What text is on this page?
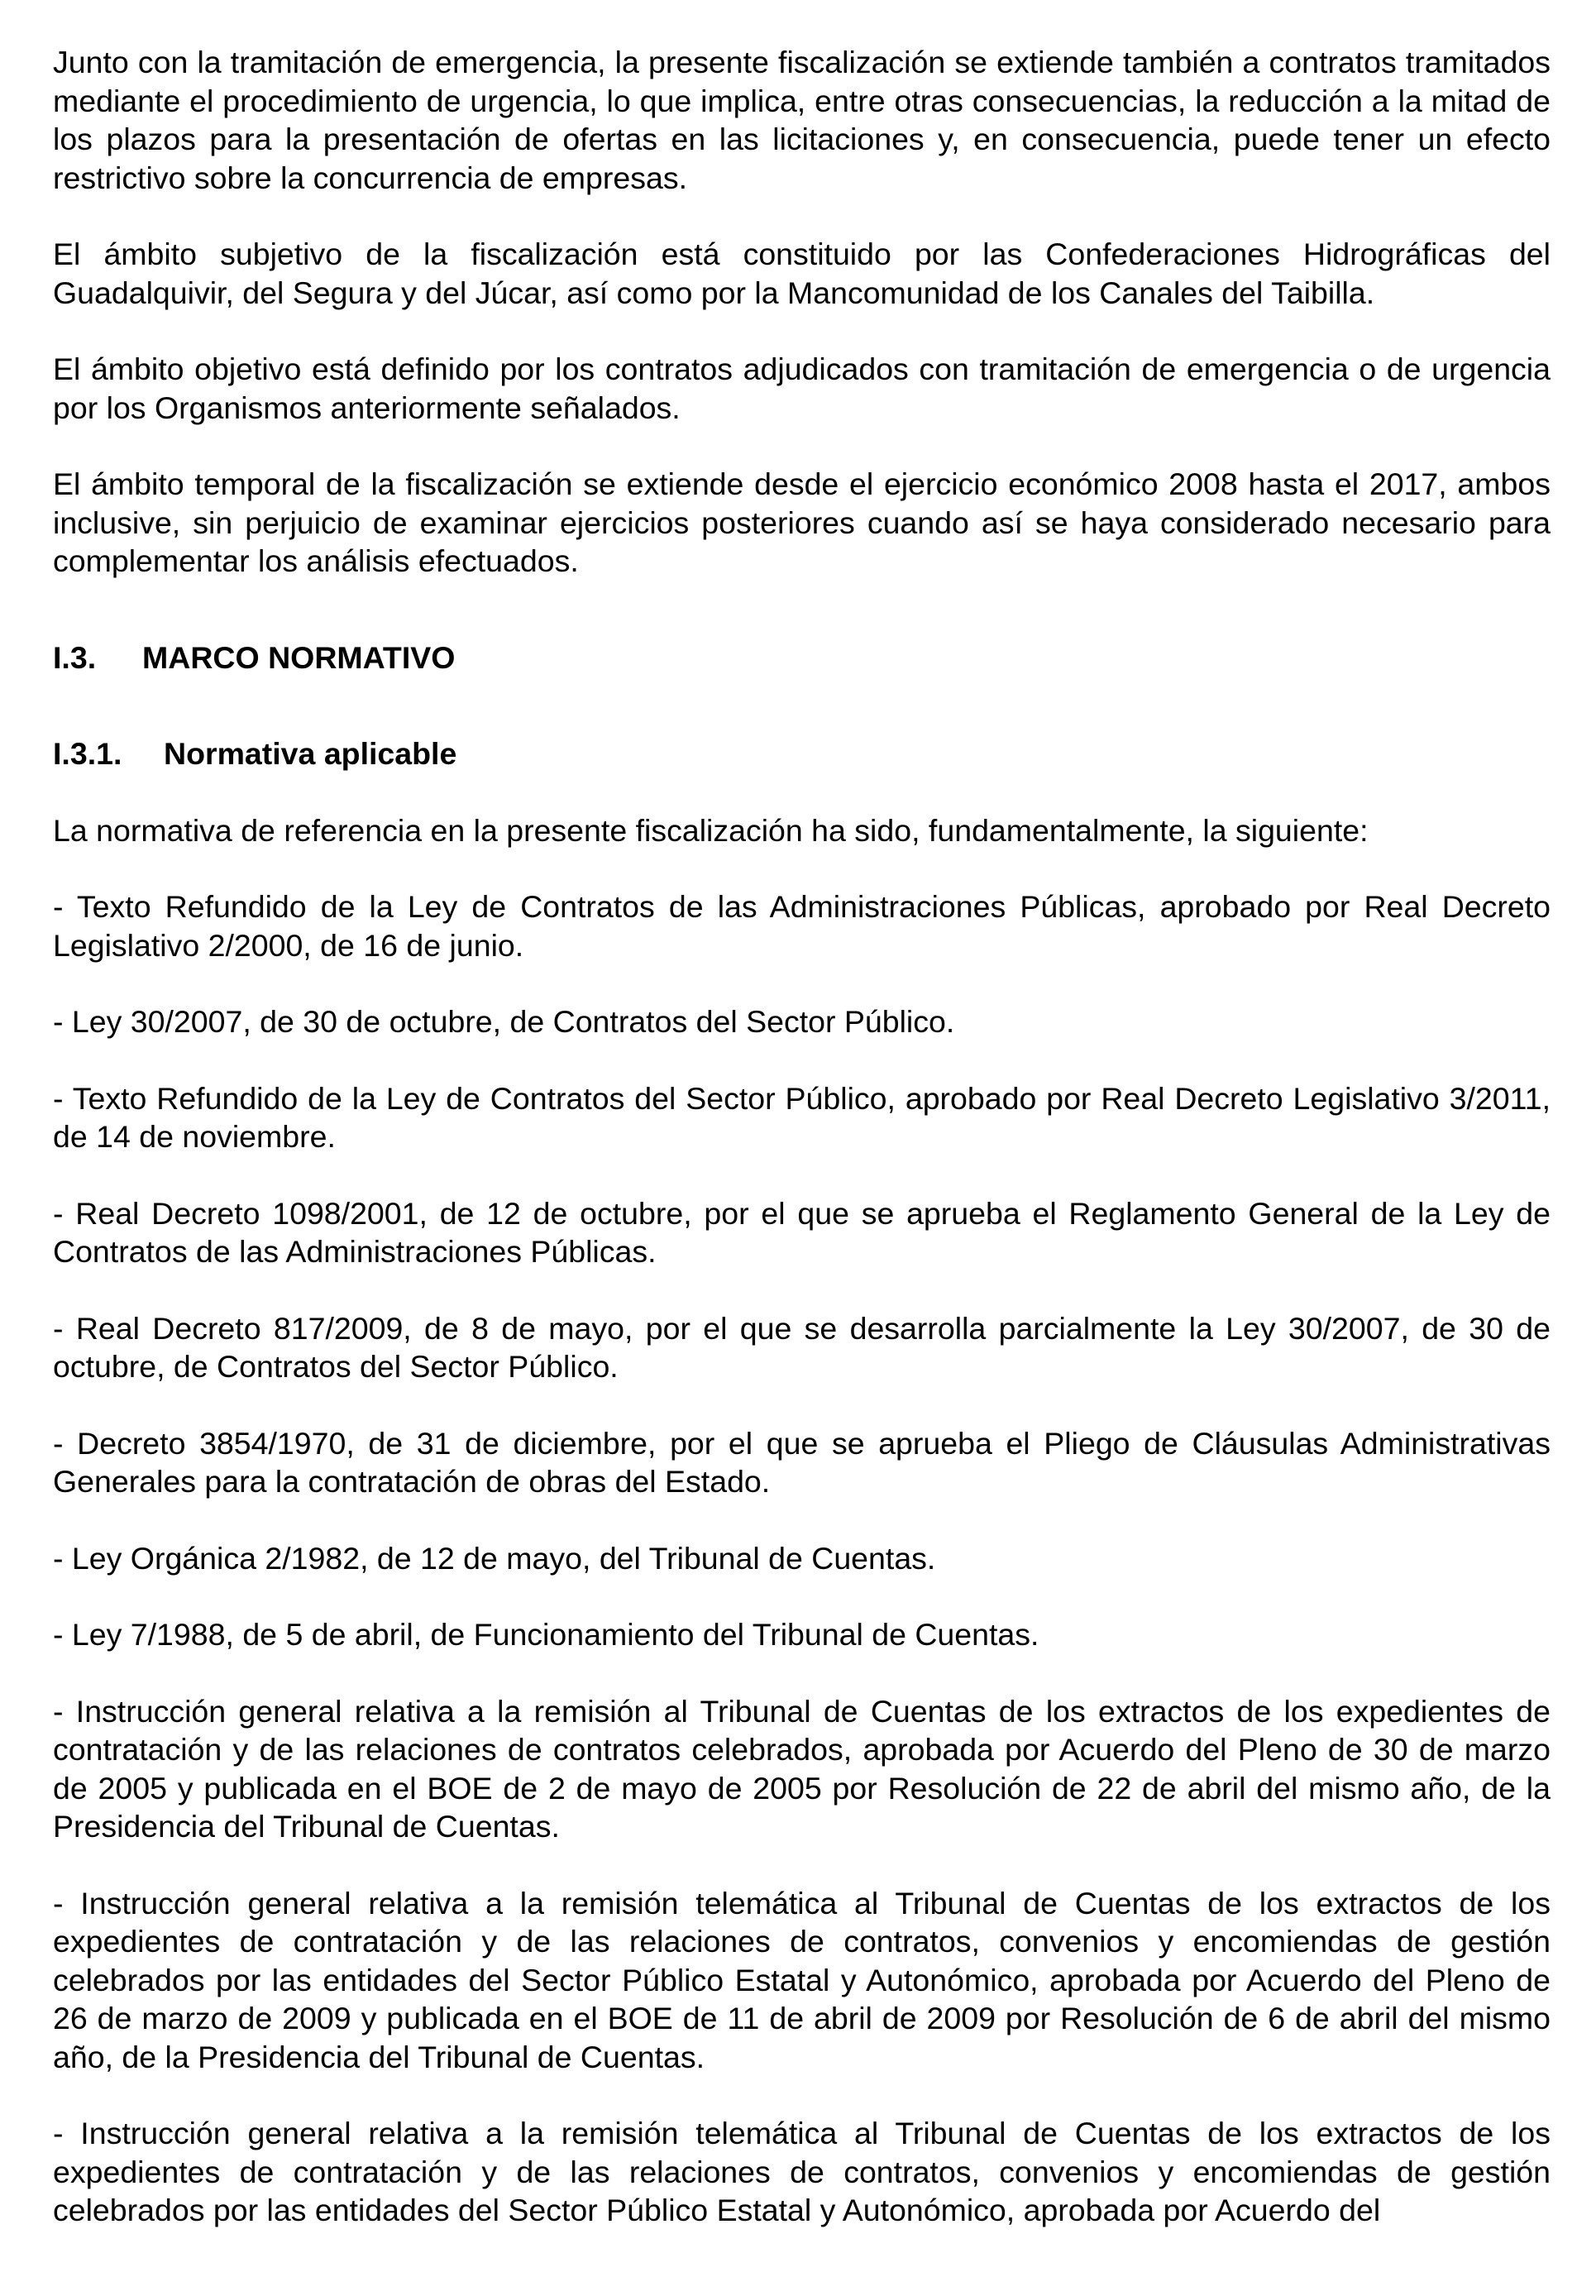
Junto con la tramitación de emergencia, la presente fiscalización se extiende también a contratos tramitados mediante el procedimiento de urgencia, lo que implica, entre otras consecuencias, la reducción a la mitad de los plazos para la presentación de ofertas en las licitaciones y, en consecuencia, puede tener un efecto restrictivo sobre la concurrencia de empresas.

El ámbito subjetivo de la fiscalización está constituido por las Confederaciones Hidrográficas del Guadalquivir, del Segura y del Júcar, así como por la Mancomunidad de los Canales del Taibilla.

El ámbito objetivo está definido por los contratos adjudicados con tramitación de emergencia o de urgencia por los Organismos anteriormente señalados.

El ámbito temporal de la fiscalización se extiende desde el ejercicio económico 2008 hasta el 2017, ambos inclusive, sin perjuicio de examinar ejercicios posteriores cuando así se haya considerado necesario para complementar los análisis efectuados.

I.3. MARCO NORMATIVO
I.3.1. Normativa aplicable

La normativa de referencia en la presente fiscalización ha sido, fundamentalmente, la siguiente:

- Texto Refundido de la Ley de Contratos de las Administraciones Públicas, aprobado por Real Decreto Legislativo 2/2000, de 16 de junio.

- Ley 30/2007, de 30 de octubre, de Contratos del Sector Público.

- Texto Refundido de la Ley de Contratos del Sector Público, aprobado por Real Decreto Legislativo 3/2011, de 14 de noviembre.

- Real Decreto 1098/2001, de 12 de octubre, por el que se aprueba el Reglamento General de la Ley de Contratos de las Administraciones Públicas.

- Real Decreto 817/2009, de 8 de mayo, por el que se desarrolla parcialmente la Ley 30/2007, de 30 de octubre, de Contratos del Sector Público.

- Decreto 3854/1970, de 31 de diciembre, por el que se aprueba el Pliego de Cláusulas Administrativas Generales para la contratación de obras del Estado.

- Ley Orgánica 2/1982, de 12 de mayo, del Tribunal de Cuentas.

- Ley 7/1988, de 5 de abril, de Funcionamiento del Tribunal de Cuentas.

- Instrucción general relativa a la remisión al Tribunal de Cuentas de los extractos de los expedientes de contratación y de las relaciones de contratos celebrados, aprobada por Acuerdo del Pleno de 30 de marzo de 2005 y publicada en el BOE de 2 de mayo de 2005 por Resolución de 22 de abril del mismo año, de la Presidencia del Tribunal de Cuentas.

- Instrucción general relativa a la remisión telemática al Tribunal de Cuentas de los extractos de los expedientes de contratación y de las relaciones de contratos, convenios y encomiendas de gestión celebrados por las entidades del Sector Público Estatal y Autonómico, aprobada por Acuerdo del Pleno de 26 de marzo de 2009 y publicada en el BOE de 11 de abril de 2009 por Resolución de 6 de abril del mismo año, de la Presidencia del Tribunal de Cuentas.

- Instrucción general relativa a la remisión telemática al Tribunal de Cuentas de los extractos de los expedientes de contratación y de las relaciones de contratos, convenios y encomiendas de gestión celebrados por las entidades del Sector Público Estatal y Autonómico, aprobada por Acuerdo del
